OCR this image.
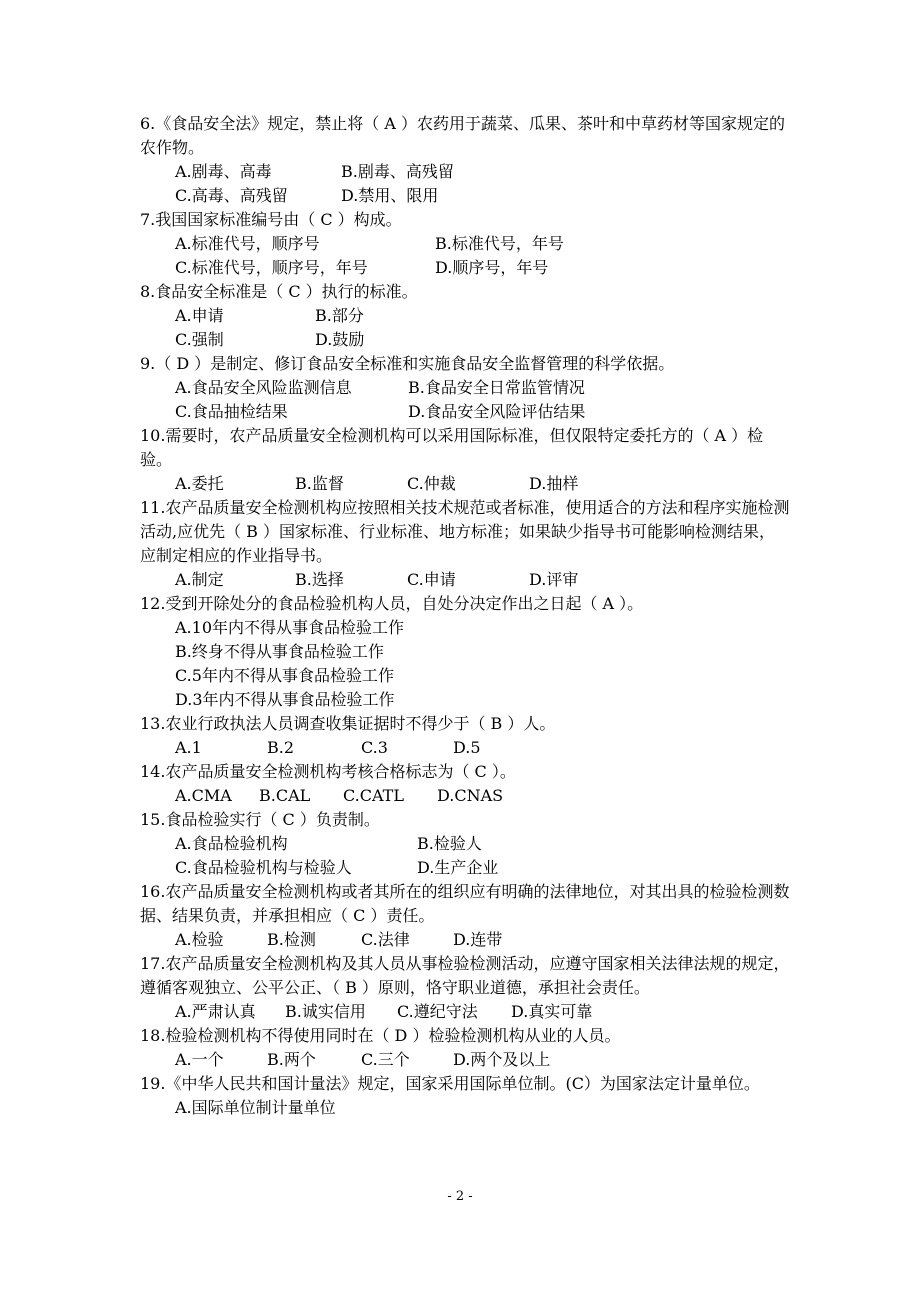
6.《食品安全法》规定，禁止将（ A ）农药用于蔬菜、瓜果、茶叶和中草药材等国家规定的农作物。

A.剧毒、高毒	B.剧毒、高残留
C.高毒、高残留	D.禁用、限用

7.我国国家标准编号由（ C ）构成。

A.标准代号，顺序号	B.标准代号，年号
C.标准代号，顺序号，年号	D.顺序号，年号

8.食品安全标准是（ C ）执行的标准。

A.申请	B.部分
C.强制	D.鼓励

9.（ D ）是制定、修订食品安全标准和实施食品安全监督管理的科学依据。

A.食品安全风险监测信息	B.食品安全日常监管情况
C.食品抽检结果	D.食品安全风险评估结果

10.需要时，农产品质量安全检测机构可以采用国际标准，但仅限特定委托方的（ A ）检验。

A.委托	B.监督	C.仲裁	D.抽样

11.农产品质量安全检测机构应按照相关技术规范或者标准，使用适合的方法和程序实施检测活动,应优先（ B ）国家标准、行业标准、地方标准；如果缺少指导书可能影响检测结果，应制定相应的作业指导书。

A.制定	B.选择	C.申请	D.评审

12.受到开除处分的食品检验机构人员，自处分决定作出之日起（ A ）。

A.10年内不得从事食品检验工作
B.终身不得从事食品检验工作
C.5年内不得从事食品检验工作
D.3年内不得从事食品检验工作

13.农业行政执法人员调查收集证据时不得少于（ B ）人。

A.1	B.2	C.3	D.5

14.农产品质量安全检测机构考核合格标志为（ C ）。

A.CMA	B.CAL	C.CATL	D.CNAS

15.食品检验实行（ C ）负责制。

A.食品检验机构	B.检验人
C.食品检验机构与检验人	D.生产企业

16.农产品质量安全检测机构或者其所在的组织应有明确的法律地位，对其出具的检验检测数据、结果负责，并承担相应（ C ）责任。

A.检验	B.检测	C.法律	D.连带

17.农产品质量安全检测机构及其人员从事检验检测活动，应遵守国家相关法律法规的规定，遵循客观独立、公平公正、（ B ）原则，恪守职业道德，承担社会责任。

A.严肃认真	B.诚实信用	C.遵纪守法	D.真实可靠

18.检验检测机构不得使用同时在（ D ）检验检测机构从业的人员。

A.一个	B.两个	C.三个	D.两个及以上

19.《中华人民共和国计量法》规定，国家采用国际单位制。(C）为国家法定计量单位。

A.国际单位制计量单位
- 2 -
